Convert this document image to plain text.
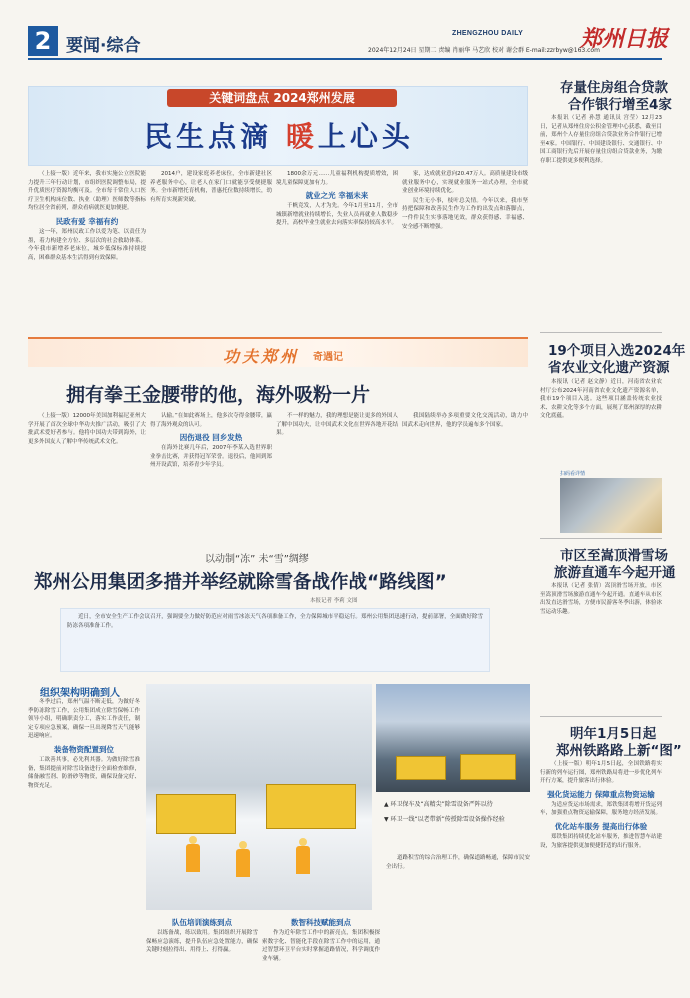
2 要闻·综合
ZHENGZHOU DAILY	郑州日报
2024年12月24日 星期二 责编 肖丽华 马艺欣 校对 谢会群 E-mail:zzrbyw@163.com
关键词盘点 2024郑州发展
民生点滴 暖上心头

（上接一版）近年来，我市实施公立医院能力提升三年行动计划，市组织医院调整布局，提升优质医疗资源均衡可及。全市每千常住人口医疗卫生机构床位数、执业（助理）医师数等指标均位居全省前列，群众看病就医更加便捷。

民政有爱 幸福有约

这一年，郑州民政工作以爱为笔、以责任为墨，着力构建全方位、多层次的社会救助体系。今年我市新增养老床位，城乡低保标准持续提高，困难群众基本生活得到有效保障。

2014户，建设家庭养老床位，全市新建社区养老服务中心，让老人在家门口就能享受便捷服务。全市新增托育机构，普惠托位数持续增长，幼有所育实现新突破。

1800余万元……儿童福利机构提质增效，困境儿童保障更加有力。

就业之光 幸福未来

千帆竞发，人才为先。今年1月至11月，全市城镇新增就业持续增长，失业人员再就业人数稳步提升，高校毕业生就业去向落实率保持较高水平。

家，达成就业意向20.47万人。高质量建设市级就业服务中心，实现就业服务一站式办理，全市就业创业环境持续优化。

民生无小事，枝叶总关情。今年以来，我市坚持把保障和改善民生作为工作的出发点和落脚点，一件件民生实事落地见效，群众获得感、幸福感、安全感不断增强。

功夫郑州 奇遇记
拥有拳王金腰带的他，海外吸粉一片

（上接一版）12000年美国加利福尼亚州大学开展了首次全球中华功夫推广活动，吸引了大批武术爱好者参与。他将中国功夫带到海外，让更多外国友人了解中华传统武术文化。

认输。”在如此赛场上，他多次夺得金腰带，赢得了海外观众的认可。

因伤退役 回乡发热

在海外比赛几年后，2007年李某入选世界职业拳击比赛，并获得冠军荣誉。退役后，他回到郑州开设武馆，培养青少年学员。

不一样的魅力，我的理想是能让更多的外国人了解中国功夫，让中国武术文化在世界各地开花结果。

我国陆续举办多项重要文化交流活动，助力中国武术走向世界，他的学员遍布多个国家。

以动制“冻” 未“雪”绸缪
郑州公用集团多措并举经就除雪备战作战“路线图”
本报记者 李莉 文图

近日，全市安全生产工作会议召开，强调要全力做好防范应对雨雪冰冻天气各项准备工作，全力保障城市平稳运行。郑州公用集团迅速行动，提前部署，全面做好除雪防冻各项准备工作。

组织架构明确到人

冬季过后，郑州气温不断走低，为做好冬季防冻除雪工作，公用集团成立除雪保畅工作领导小组，明确职责分工，落实工作责任，制定专项应急预案，确保一旦出现降雪天气能够迅速响应。

装备物资配置到位

工欲善其事，必先利其器。为做好除雪准备，集团提前对除雪设备进行全面检查维修，储备融雪剂、防滑砂等物资，确保设备完好、物资充足。

▲ 环卫保车及“高精尖”除雪设备严阵以待
▼ 环卫一线“以老带新”传授除雪设备操作经验

队伍培训演练到点

以练备战，练以致用。集团组织开展除雪保畅应急演练，提升队伍应急处置能力，确保关键时刻拉得出、用得上、打得赢。

数智科技赋能到点

作为近年除雪工作中的新亮点，集团积极探索数字化、智能化手段在除雪工作中的运用，通过智慧环卫平台实时掌握道路情况，科学调度作业车辆。

道路积雪的综合治理工作，确保道路畅通，保障市民安全出行。

存量住房组合贷款
合作银行增至4家

本报讯（记者 孙慧 通讯员 宫莹）12月23日，记者从郑州住房公积金管理中心获悉，截至目前，郑州个人存量住房组合贷款业务合作银行已增至4家。中国银行、中国建设银行、交通银行、中国工商银行先后开展存量住房组合贷款业务，为缴存职工提供更多便利选择。

19个项目入选2024年
省农业文化遗产资源

本报讯（记者 赵文静）近日，河南省农业农村厅公布2024年河南省农业文化遗产资源名单，我市19个项目入选。这些项目涵盖传统农业技术、农耕文化等多个方面，展现了郑州深厚的农耕文化底蕴。

扫码看详情
市区至嵩顶滑雪场
旅游直通车今起开通

本报讯（记者 张倩）嵩顶滑雪场开放，市区至嵩顶滑雪场旅游直通车今起开通。直通车从市区出发直达滑雪场，方便市民游客冬季出游，体验冰雪运动乐趣。

明年1月5日起
郑州铁路路上新“图”

（上接一版）明年1月5日起，全国铁路将实行新的列车运行图，郑州铁路局将进一步优化列车开行方案，提升旅客出行体验。

强化货运能力 保障重点物资运输

为适应货运市场需求，郑铁集团将增开货运列车，加强重点物资运输保障，服务地方经济发展。

优化站车服务 提高出行体验

郑铁集团持续优化站车服务，推进智慧车站建设，为旅客提供更加便捷舒适的出行服务。
